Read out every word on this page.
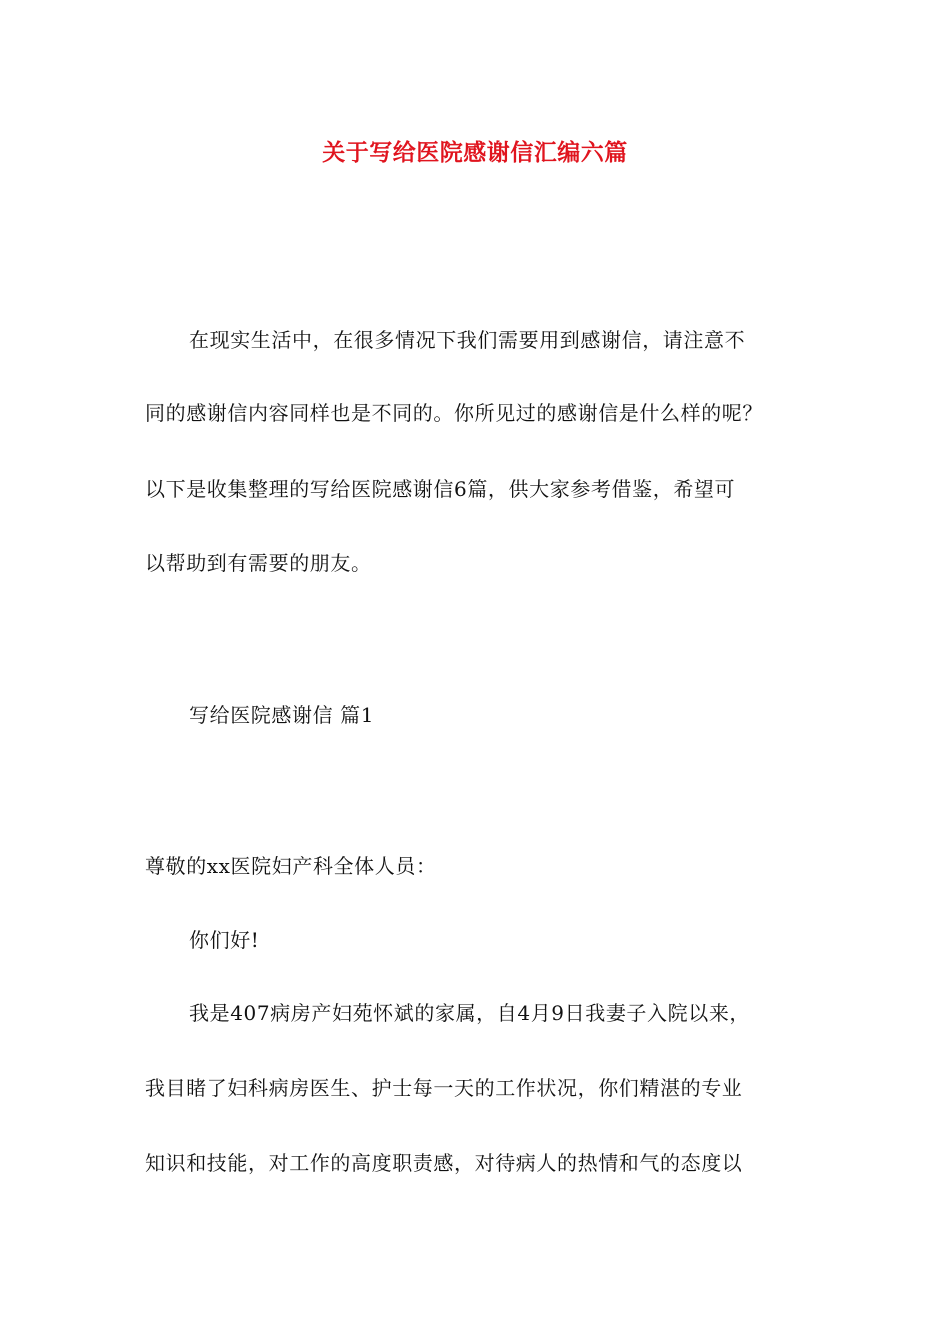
关于写给医院感谢信汇编六篇
在现实生活中，在很多情况下我们需要用到感谢信，请注意不
同的感谢信内容同样也是不同的。你所见过的感谢信是什么样的呢？
以下是收集整理的写给医院感谢信6篇，供大家参考借鉴，希望可
以帮助到有需要的朋友。
写给医院感谢信 篇1
尊敬的xx医院妇产科全体人员：
你们好!
我是407病房产妇苑怀斌的家属，自4月9日我妻子入院以来，
我目睹了妇科病房医生、护士每一天的工作状况，你们精湛的专业
知识和技能，对工作的高度职责感，对待病人的热情和气的态度以
